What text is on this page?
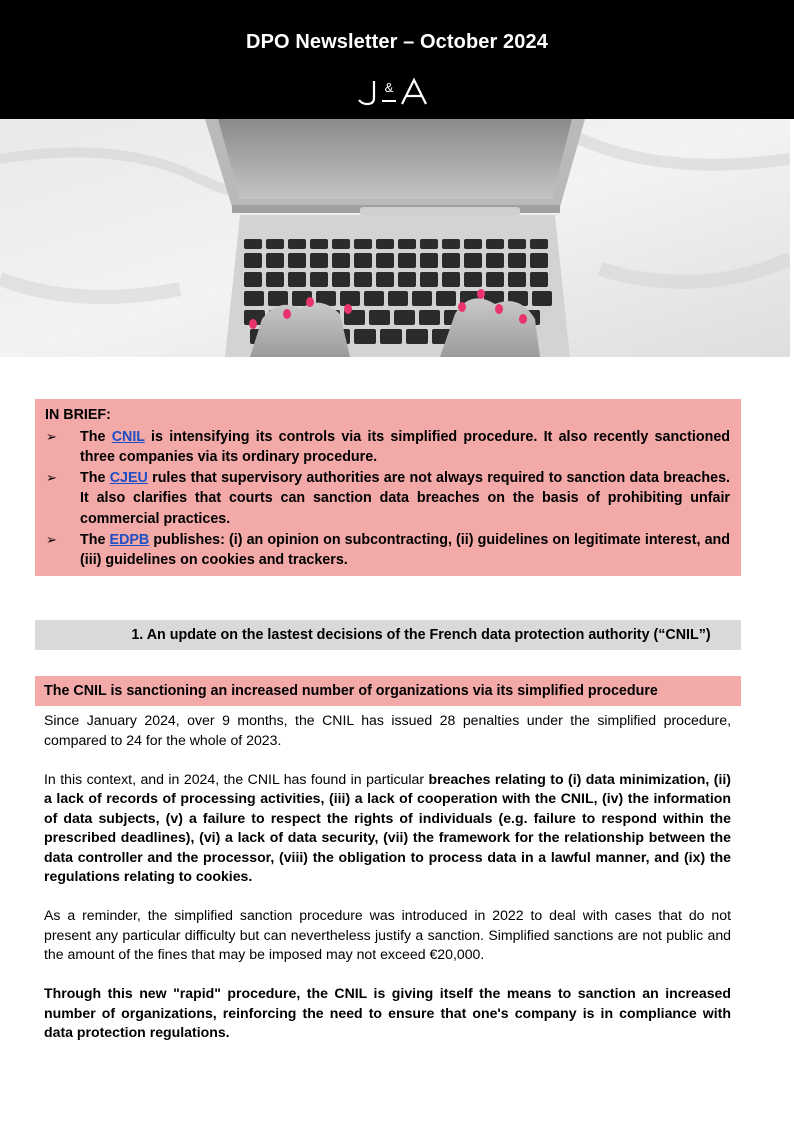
DPO Newsletter – October 2024
&
IN BRIEF:
➢ The CNIL is intensifying its controls via its simplified procedure. It also recently sanctioned three companies via its ordinary procedure.
➢ The CJEU rules that supervisory authorities are not always required to sanction data breaches. It also clarifies that courts can sanction data breaches on the basis of prohibiting unfair commercial practices.
➢ The EDPB publishes: (i) an opinion on subcontracting, (ii) guidelines on legitimate interest, and (iii) guidelines on cookies and trackers.
1. An update on the lastest decisions of the French data protection authority (“CNIL”)
The CNIL is sanctioning an increased number of organizations via its simplified procedure

Since January 2024, over 9 months, the CNIL has issued 28 penalties under the simplified procedure, compared to 24 for the whole of 2023.

In this context, and in 2024, the CNIL has found in particular breaches relating to (i) data minimization, (ii) a lack of records of processing activities, (iii) a lack of cooperation with the CNIL, (iv) the information of data subjects, (v) a failure to respect the rights of individuals (e.g. failure to respond within the prescribed deadlines), (vi) a lack of data security, (vii) the framework for the relationship between the data controller and the processor, (viii) the obligation to process data in a lawful manner, and (ix) the regulations relating to cookies.

As a reminder, the simplified sanction procedure was introduced in 2022 to deal with cases that do not present any particular difficulty but can nevertheless justify a sanction. Simplified sanctions are not public and the amount of the fines that may be imposed may not exceed €20,000.

Through this new "rapid" procedure, the CNIL is giving itself the means to sanction an increased number of organizations, reinforcing the need to ensure that one's company is in compliance with data protection regulations.
